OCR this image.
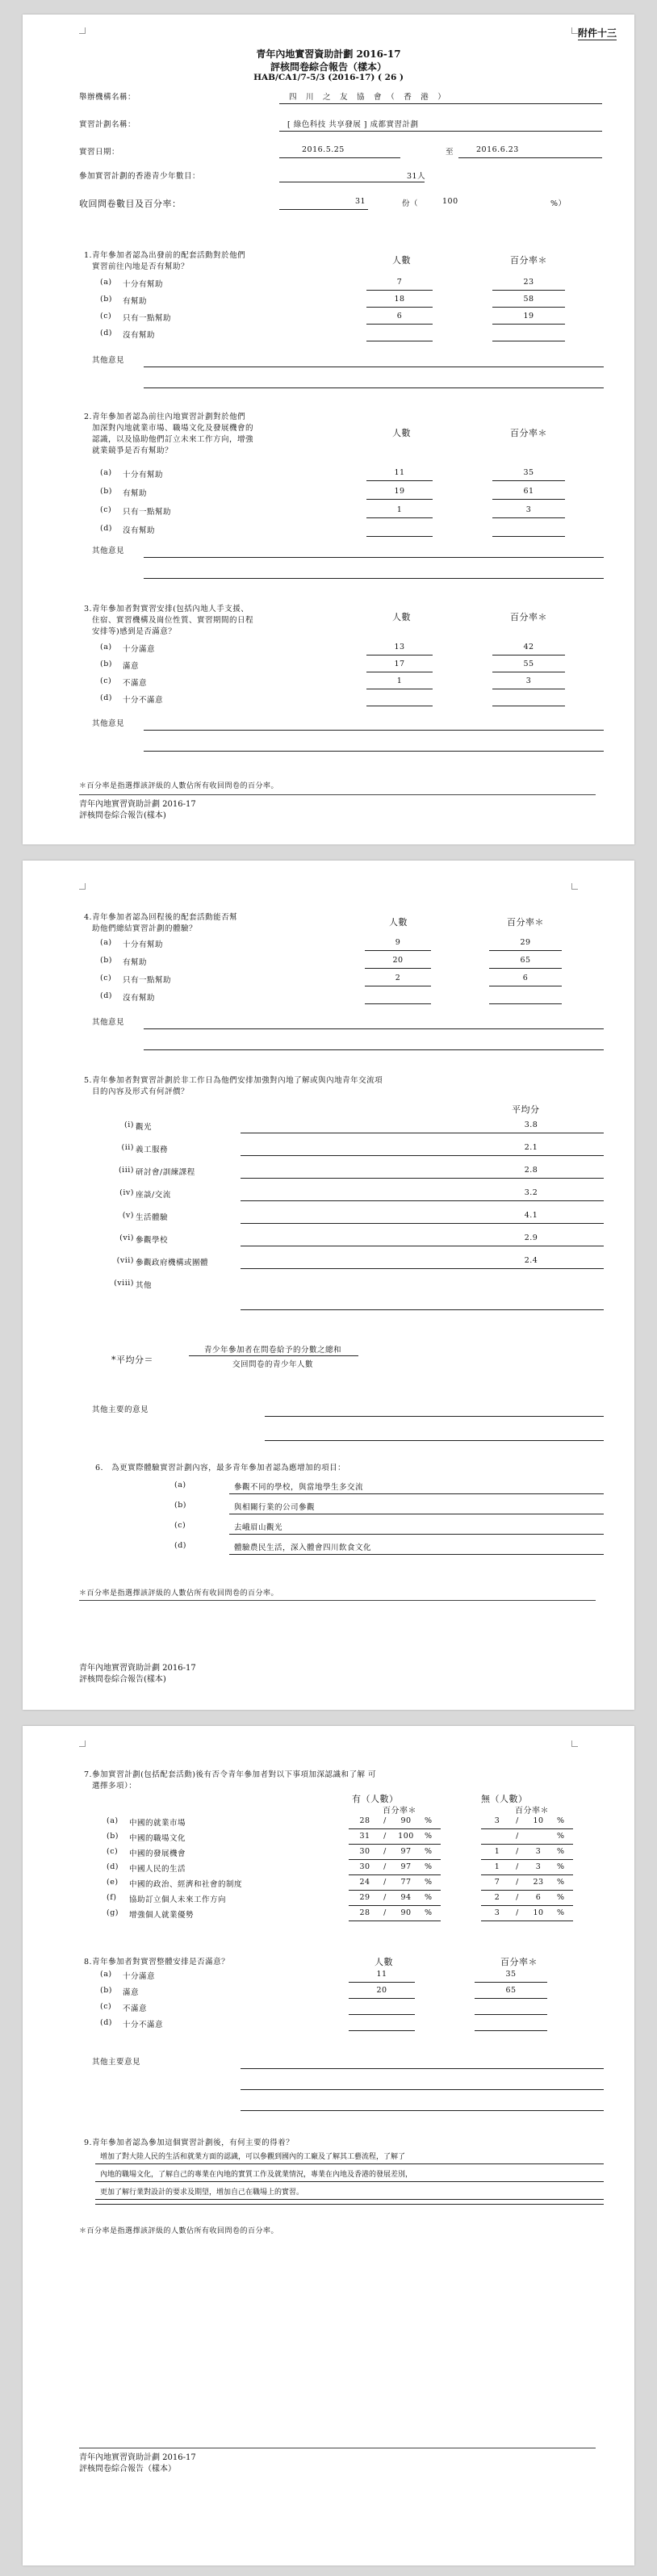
附件十三
青年內地實習資助計劃 2016-17
評核問卷綜合報告（樣本）
HAB/CA1/7-5/3 (2016-17) ( 26 )
舉辦機構名稱：	四　川　之　友　協　會　（　香　港　）
實習計劃名稱：	[ 綠色科技 共享發展 ] 成都實習計劃
實習日期：	2016.5.25	至	2016.6.23
參加實習計劃的香港青少年數目：	31人
收回問卷數目及百分率：	31	份（	100	%）
1.青年參加者認為出發前的配套活動對於他們
實習前往內地是否有幫助？
人數	百分率＊
(a) 十分有幫助	7	23
(b) 有幫助	18	58
(c) 只有一點幫助	6	19
(d) 沒有幫助
其他意見
2.青年參加者認為前往內地實習計劃對於他們
加深對內地就業市場、職場文化及發展機會的
認識，以及協助他們訂立未來工作方向，增強
就業競爭是否有幫助？
人數	百分率＊
(a) 十分有幫助	11	35
(b) 有幫助	19	61
(c) 只有一點幫助	1	3
(d) 沒有幫助
其他意見
3.青年參加者對實習安排(包括內地人手支援、
住宿、實習機構及崗位性質、實習期間的日程
安排等)感到是否滿意？
人數	百分率＊
(a) 十分滿意	13	42
(b) 滿意	17	55
(c) 不滿意	1	3
(d) 十分不滿意
其他意見
＊百分率是指選擇該評級的人數佔所有收回問卷的百分率。
青年內地實習資助計劃 2016-17
評核問卷綜合報告(樣本)
4.青年參加者認為回程後的配套活動能否幫
助他們總結實習計劃的體驗？
人數	百分率＊
(a) 十分有幫助	9	29
(b) 有幫助	20	65
(c) 只有一點幫助	2	6
(d) 沒有幫助
其他意見
5.青年參加者對實習計劃於非工作日為他們安排加強對內地了解或與內地青年交流項
目的內容及形式有何評價？
平均分
(i) 觀光	3.8
(ii) 義工服務	2.1
(iii) 研討會/訓練課程	2.8
(iv) 座談/交流	3.2
(v) 生活體驗	4.1
(vi) 參觀學校	2.9
(vii) 參觀政府機構或團體	2.4
(viii) 其他
*平均分＝
青少年參加者在問卷給予的分數之總和
交回問卷的青少年人數
其他主要的意見
6.　為更實際體驗實習計劃內容，最多青年參加者認為應增加的項目：
(a)	參觀不同的學校，與當地學生多交流
(b)	與相關行業的公司參觀
(c)	去峨眉山觀光
(d)	體驗農民生活，深入體會四川飲食文化
＊百分率是指選擇該評級的人數佔所有收回問卷的百分率。
青年內地實習資助計劃 2016-17
評核問卷綜合報告(樣本)
7.參加實習計劃(包括配套活動)後有否令青年參加者對以下事項加深認識和了解 可
選擇多項）：
有（人數）	無（人數）
百分率＊	百分率＊
(a) 中國的就業市場	28	/	90	%	3	/	10	%
(b) 中國的職場文化	31	/	100	%	/	%
(c) 中國的發展機會	30	/	97	%	1	/	3	%
(d) 中國人民的生活	30	/	97	%	1	/	3	%
(e) 中國的政治、經濟和社會的制度	24	/	77	%	7	/	23	%
(f) 協助訂立個人未來工作方向	29	/	94	%	2	/	6	%
(g) 增強個人就業優勢	28	/	90	%	3	/	10	%
8.青年參加者對實習整體安排是否滿意？	人數	百分率＊
(a) 十分滿意	11	35
(b) 滿意	20	65
(c) 不滿意
(d) 十分不滿意
其他主要意見
9.青年參加者認為參加這個實習計劃後，有何主要的得着？
增加了對大陸人民的生活和就業方面的認識，可以參觀到國內的工廠及了解其工藝流程，了解了
內地的職場文化，了解自己的專業在內地的實質工作及就業情況，專業在內地及香港的發展差別，
更加了解行業對設計的要求及期望，增加自己在職場上的實習。
＊百分率是指選擇該評級的人數佔所有收回問卷的百分率。
青年內地實習資助計劃 2016-17
評核問卷綜合報告（樣本）
